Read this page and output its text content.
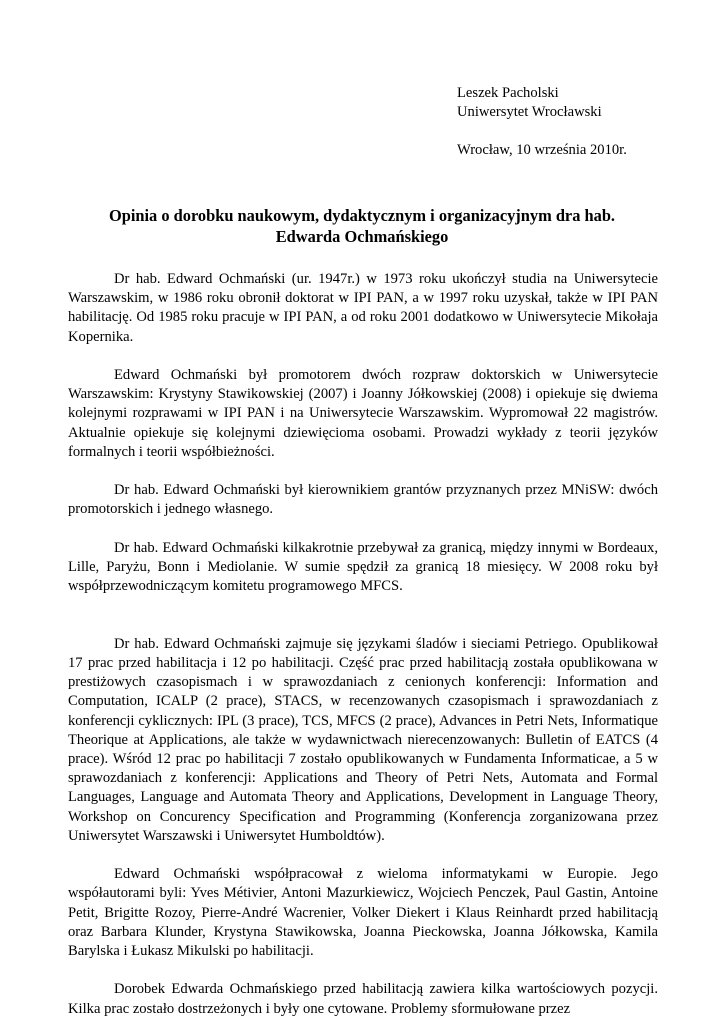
Leszek Pacholski
Uniwersytet Wrocławski
Wrocław, 10 września 2010r.
Opinia o dorobku naukowym, dydaktycznym i organizacyjnym dra hab.
Edwarda Ochmańskiego

Dr hab. Edward Ochmański (ur. 1947r.) w 1973 roku ukończył studia na Uniwersytecie Warszawskim, w 1986 roku obronił doktorat w IPI PAN, a w 1997 roku uzyskał, także w IPI PAN habilitację. Od 1985 roku pracuje w IPI PAN, a od roku 2001 dodatkowo w Uniwersytecie Mikołaja Kopernika.

Edward Ochmański był promotorem dwóch rozpraw doktorskich w Uniwersytecie Warszawskim: Krystyny Stawikowskiej (2007) i Joanny Jółkowskiej (2008) i opiekuje się dwiema kolejnymi rozprawami w IPI PAN i na Uniwersytecie Warszawskim. Wypromował 22 magistrów. Aktualnie opiekuje się kolejnymi dziewięcioma osobami. Prowadzi wykłady z teorii języków formalnych i teorii współbieżności.

Dr hab. Edward Ochmański był kierownikiem grantów przyznanych przez MNiSW: dwóch promotorskich i jednego własnego.

Dr hab. Edward Ochmański kilkakrotnie przebywał za granicą, między innymi w Bordeaux, Lille, Paryżu, Bonn i Mediolanie. W sumie spędził za granicą 18 miesięcy. W 2008 roku był współprzewodniczącym komitetu programowego MFCS.

Dr hab. Edward Ochmański zajmuje się językami śladów i sieciami Petriego. Opublikował 17 prac przed habilitacja i 12 po habilitacji. Część prac przed habilitacją została opublikowana w prestiżowych czasopismach i w sprawozdaniach z cenionych konferencji: Information and Computation, ICALP (2 prace), STACS, w recenzowanych czasopismach i sprawozdaniach z konferencji cyklicznych: IPL (3 prace), TCS, MFCS (2 prace), Advances in Petri Nets, Informatique Theorique at Applications, ale także w wydawnictwach nierecenzowanych: Bulletin of EATCS (4 prace). Wśród 12 prac po habilitacji 7 zostało opublikowanych w Fundamenta Informaticae, a 5 w sprawozdaniach z konferencji: Applications and Theory of Petri Nets, Automata and Formal Languages, Language and Automata Theory and Applications, Development in Language Theory, Workshop on Concurency Specification and Programming (Konferencja zorganizowana przez Uniwersytet Warszawski i Uniwersytet Humboldtów).

Edward Ochmański współpracował z wieloma informatykami w Europie. Jego współautorami byli: Yves Métivier, Antoni Mazurkiewicz, Wojciech Penczek, Paul Gastin, Antoine Petit, Brigitte Rozoy, Pierre-André Wacrenier, Volker Diekert i Klaus Reinhardt przed habilitacją oraz Barbara Klunder, Krystyna Stawikowska, Joanna Pieckowska, Joanna Jółkowska, Kamila Barylska i Łukasz Mikulski po habilitacji.

Dorobek Edwarda Ochmańskiego przed habilitacją zawiera kilka wartościowych pozycji. Kilka prac zostało dostrzeżonych i były one cytowane. Problemy sformułowane przez
